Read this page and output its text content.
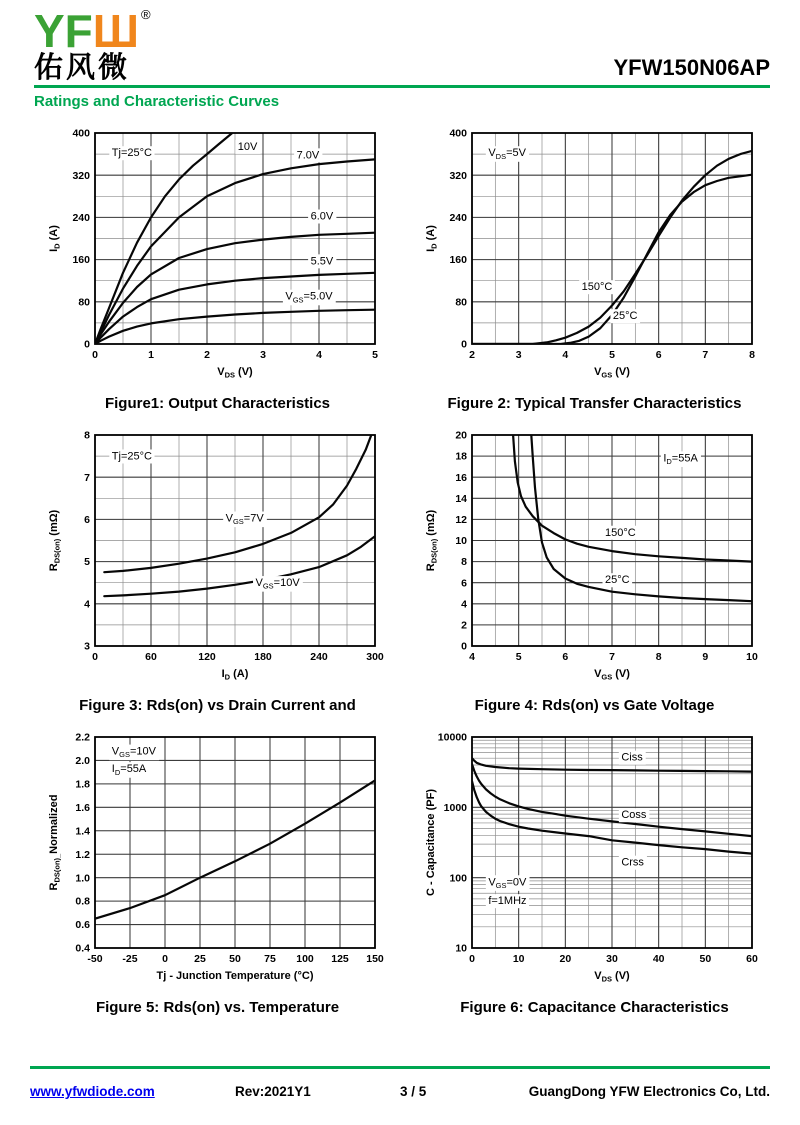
YFШ ®
佑风微	YFW150N06AP
Ratings and Characteristic Curves
10V
7.0V
6.0V
5.5V
$V_{GS}=5.0V$
Tj=25°C
0	1	2	3	4	5
0
80
160
240
320
400
$V_{DS}$ (V)
$I_D$ (A)
Figure1: Output Characteristics
150°C
25°C
$V_{DS}=5V$
2	3	4	5	6	7	8
0
80
160
240
320
400
$V_{GS}$ (V)
$I_D$ (A)
Figure 2: Typical Transfer Characteristics
$V_{GS}=7V$
$V_{GS}=10V$
Tj=25°C
0	60	120	180	240	300
3
4
5
6
7
8
$I_D$ (A)
$R_{DS(on)}$ (mΩ)
Figure 3: Rds(on) vs Drain Current and
150°C
25°C
$I_D=55A$
4	5	6	7	8	9	10
0
2
4
6
8
10
12
14
16
18
20
$V_{GS}$ (V)
$R_{DS(on)}$ (mΩ)
Figure 4: Rds(on) vs Gate Voltage
$V_{GS}=10V$
$I_D=55A$
-50 -25 0 25 50 75 100 125 150
0.4
0.6
0.8
1.0
1.2
1.4
1.6
1.8
2.0
2.2
Tj - Junction Temperature (°C)
$R_{DS(on)\_}Normalized$
Figure 5: Rds(on) vs. Temperature
Ciss
Coss
Crss
$V_{GS}=0V$
f=1MHz
0	10	20	30	40	50	60
10
100
1000
10000
$V_{DS}$ (V)
C - Capacitance (PF)
Figure 6: Capacitance Characteristics
www.yfwdiode.com	Rev:2021Y1	3 / 5	GuangDong YFW Electronics Co, Ltd.
